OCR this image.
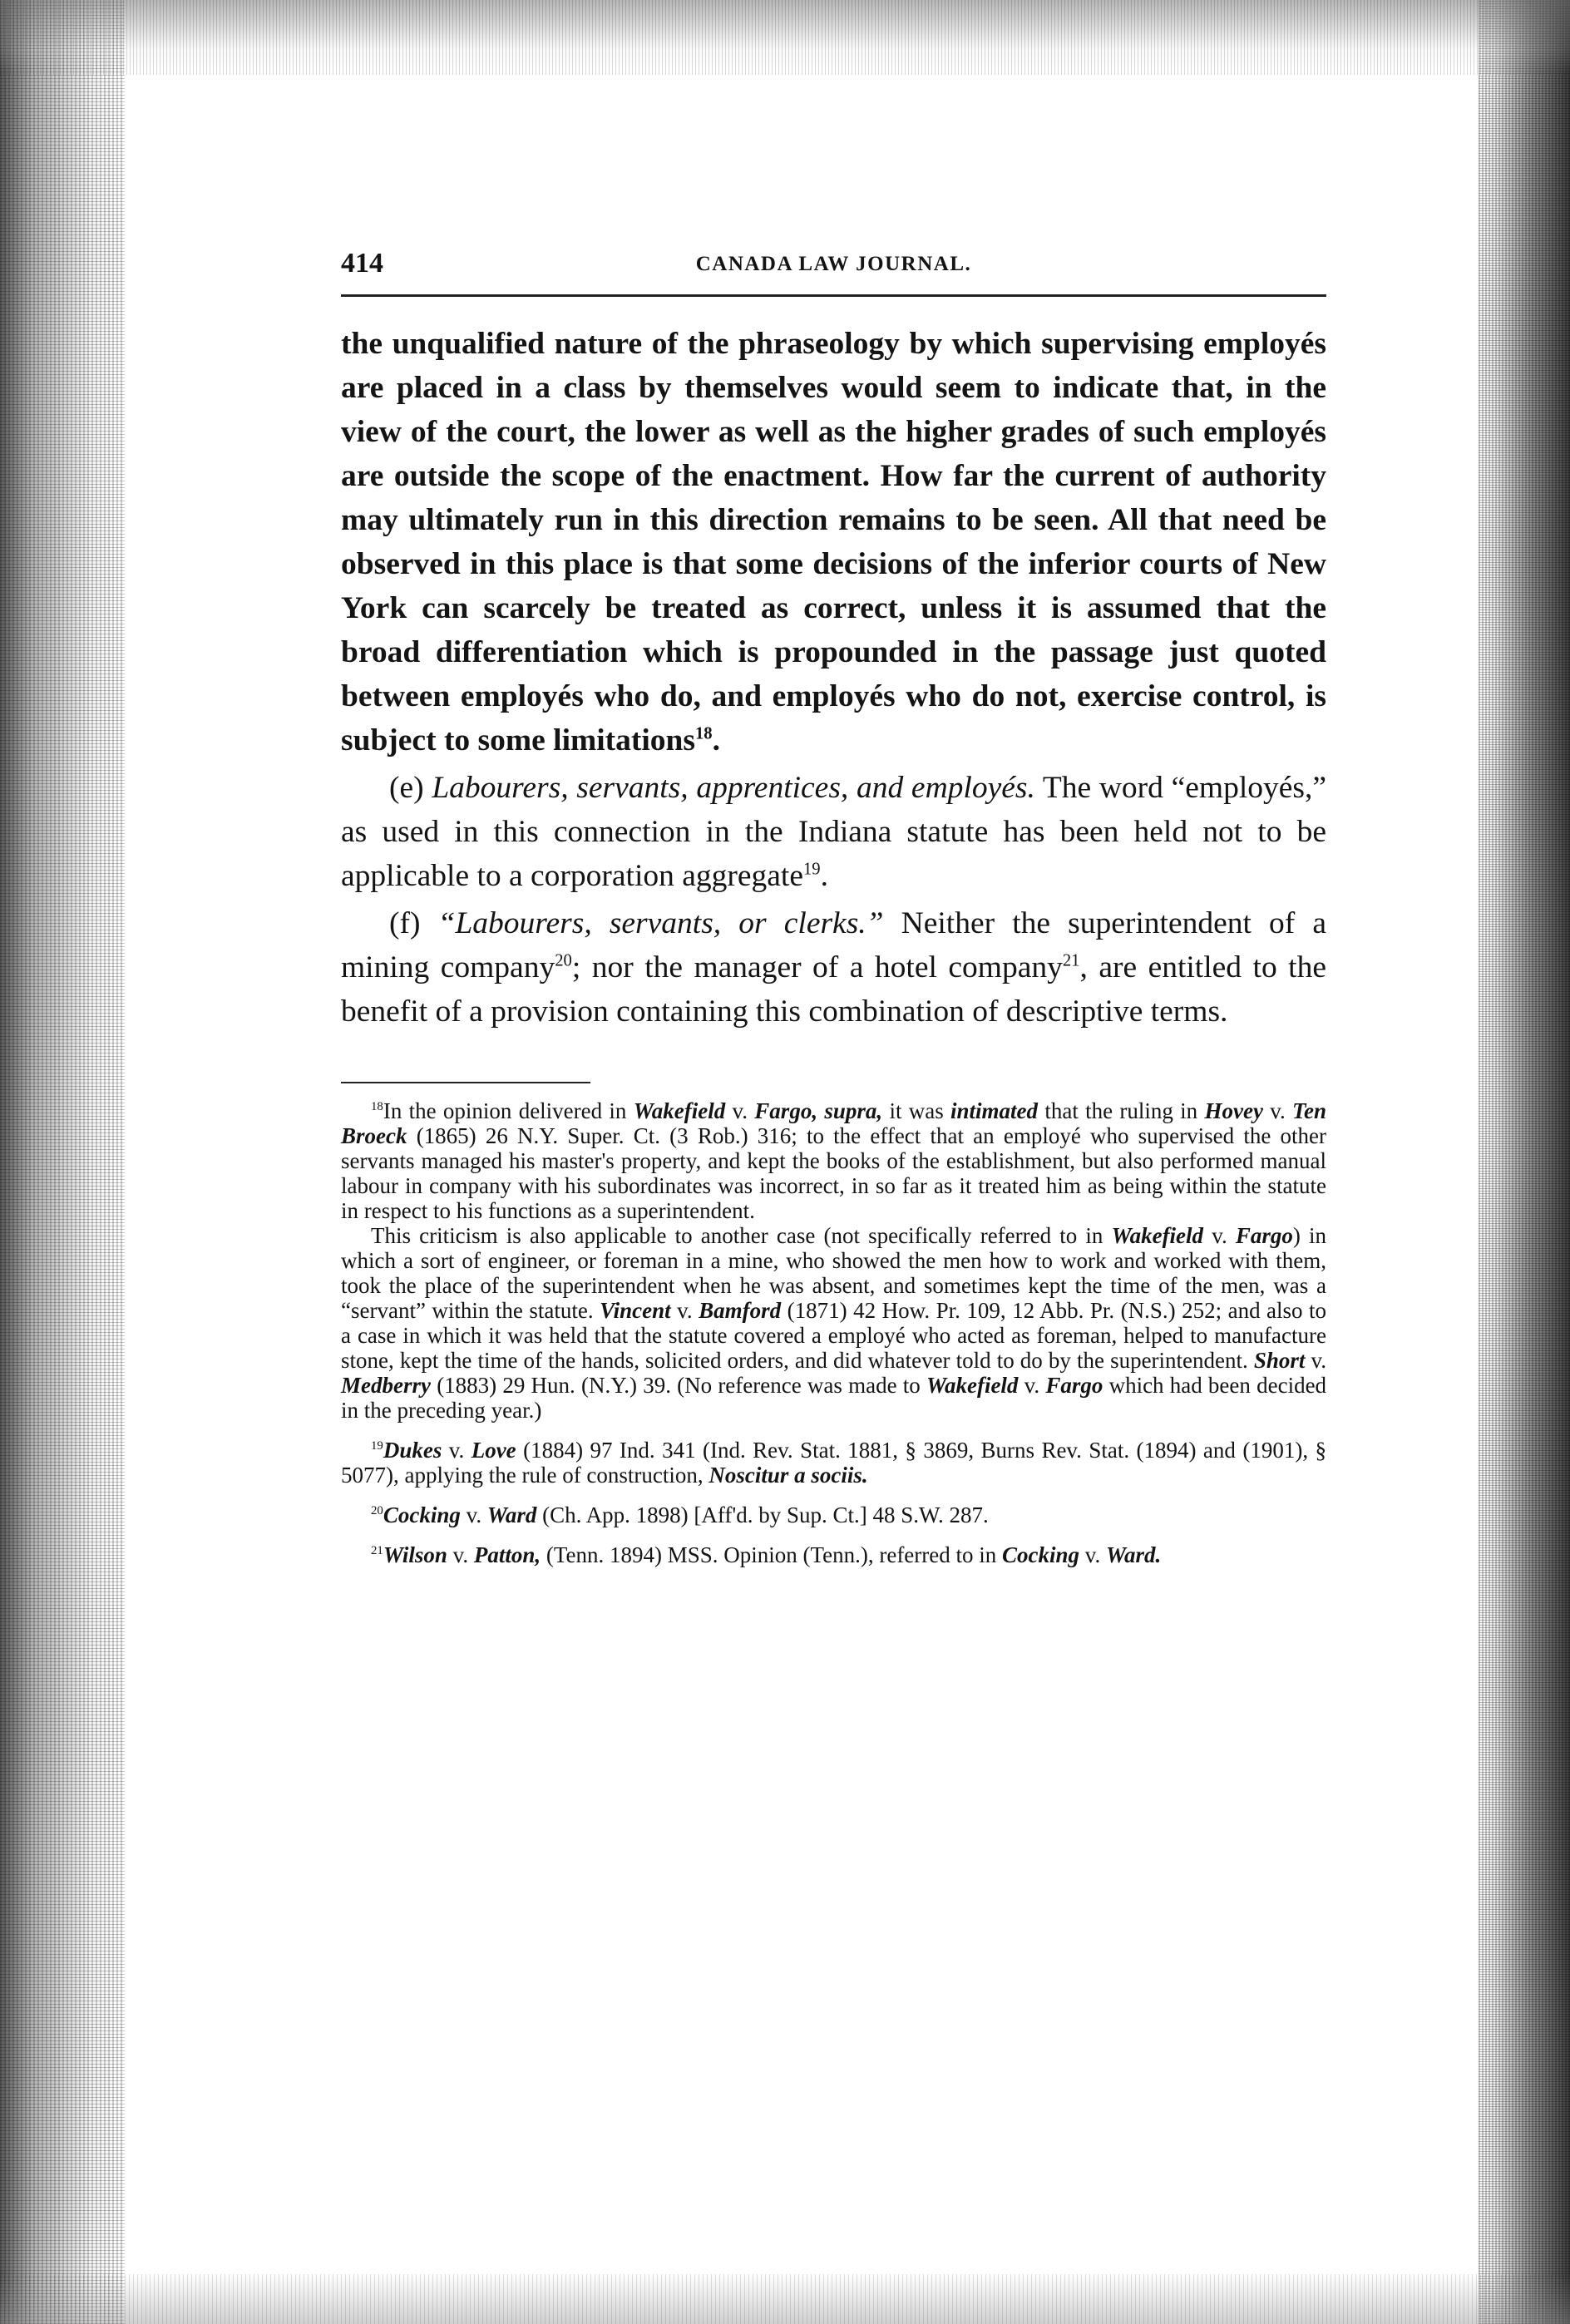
414	CANADA LAW JOURNAL.

the unqualified nature of the phraseology by which supervising employés are placed in a class by themselves would seem to indicate that, in the view of the court, the lower as well as the higher grades of such employés are outside the scope of the enactment. How far the current of authority may ultimately run in this direction remains to be seen. All that need be observed in this place is that some decisions of the inferior courts of New York can scarcely be treated as correct, unless it is assumed that the broad differentiation which is propounded in the passage just quoted between employés who do, and employés who do not, exercise control, is subject to some limitations$^{18}$.

(e) Labourers, servants, apprentices, and employés. The word “employés,” as used in this connection in the Indiana statute has been held not to be applicable to a corporation aggregate$^{19}$.

(f) “Labourers, servants, or clerks.” Neither the superintendent of a mining company$^{20}$; nor the manager of a hotel company$^{21}$, are entitled to the benefit of a provision containing this combination of descriptive terms.

$^{18}$In the opinion delivered in Wakefield v. Fargo, supra, it was intimated that the ruling in Hovey v. Ten Broeck (1865) 26 N.Y. Super. Ct. (3 Rob.) 316; to the effect that an employé who supervised the other servants managed his master's property, and kept the books of the establishment, but also performed manual labour in company with his subordinates was incorrect, in so far as it treated him as being within the statute in respect to his functions as a superintendent.

This criticism is also applicable to another case (not specifically referred to in Wakefield v. Fargo) in which a sort of engineer, or foreman in a mine, who showed the men how to work and worked with them, took the place of the superintendent when he was absent, and sometimes kept the time of the men, was a “servant” within the statute. Vincent v. Bamford (1871) 42 How. Pr. 109, 12 Abb. Pr. (N.S.) 252; and also to a case in which it was held that the statute covered a employé who acted as foreman, helped to manufacture stone, kept the time of the hands, solicited orders, and did whatever told to do by the superintendent. Short v. Medberry (1883) 29 Hun. (N.Y.) 39. (No reference was made to Wakefield v. Fargo which had been decided in the preceding year.)

$^{19}$Dukes v. Love (1884) 97 Ind. 341 (Ind. Rev. Stat. 1881, § 3869, Burns Rev. Stat. (1894) and (1901), § 5077), applying the rule of construction, Noscitur a sociis.

$^{20}$Cocking v. Ward (Ch. App. 1898) [Aff'd. by Sup. Ct.] 48 S.W. 287.

$^{21}$Wilson v. Patton, (Tenn. 1894) MSS. Opinion (Tenn.), referred to in Cocking v. Ward.
